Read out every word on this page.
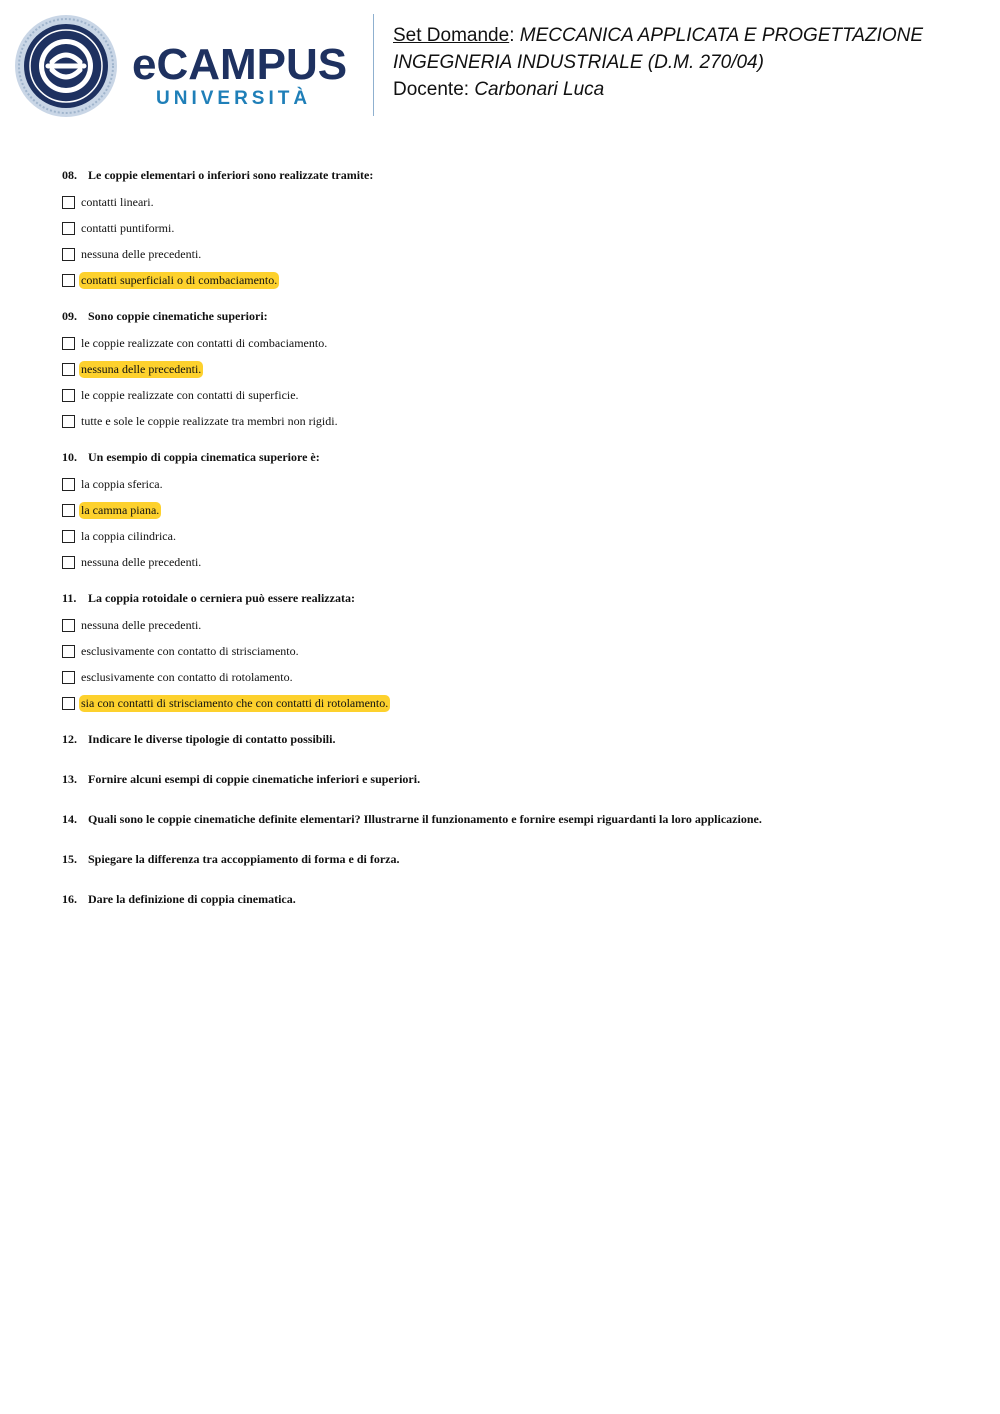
eCAMPUS
UNIVERSITÀ
Set Domande: MECCANICA APPLICATA E PROGETTAZIONE
INGEGNERIA INDUSTRIALE (D.M. 270/04)
Docente: Carbonari Luca
08. Le coppie elementari o inferiori sono realizzate tramite:
contatti lineari.
contatti puntiformi.
nessuna delle precedenti.
contatti superficiali o di combaciamento.
09. Sono coppie cinematiche superiori:
le coppie realizzate con contatti di combaciamento.
nessuna delle precedenti.
le coppie realizzate con contatti di superficie.
tutte e sole le coppie realizzate tra membri non rigidi.
10. Un esempio di coppia cinematica superiore è:
la coppia sferica.
la camma piana.
la coppia cilindrica.
nessuna delle precedenti.
11. La coppia rotoidale o cerniera può essere realizzata:
nessuna delle precedenti.
esclusivamente con contatto di strisciamento.
esclusivamente con contatto di rotolamento.
sia con contatti di strisciamento che con contatti di rotolamento.
12. Indicare le diverse tipologie di contatto possibili.
13. Fornire alcuni esempi di coppie cinematiche inferiori e superiori.
14. Quali sono le coppie cinematiche definite elementari? Illustrarne il funzionamento e fornire esempi riguardanti la loro applicazione.
15. Spiegare la differenza tra accoppiamento di forma e di forza.
16. Dare la definizione di coppia cinematica.
